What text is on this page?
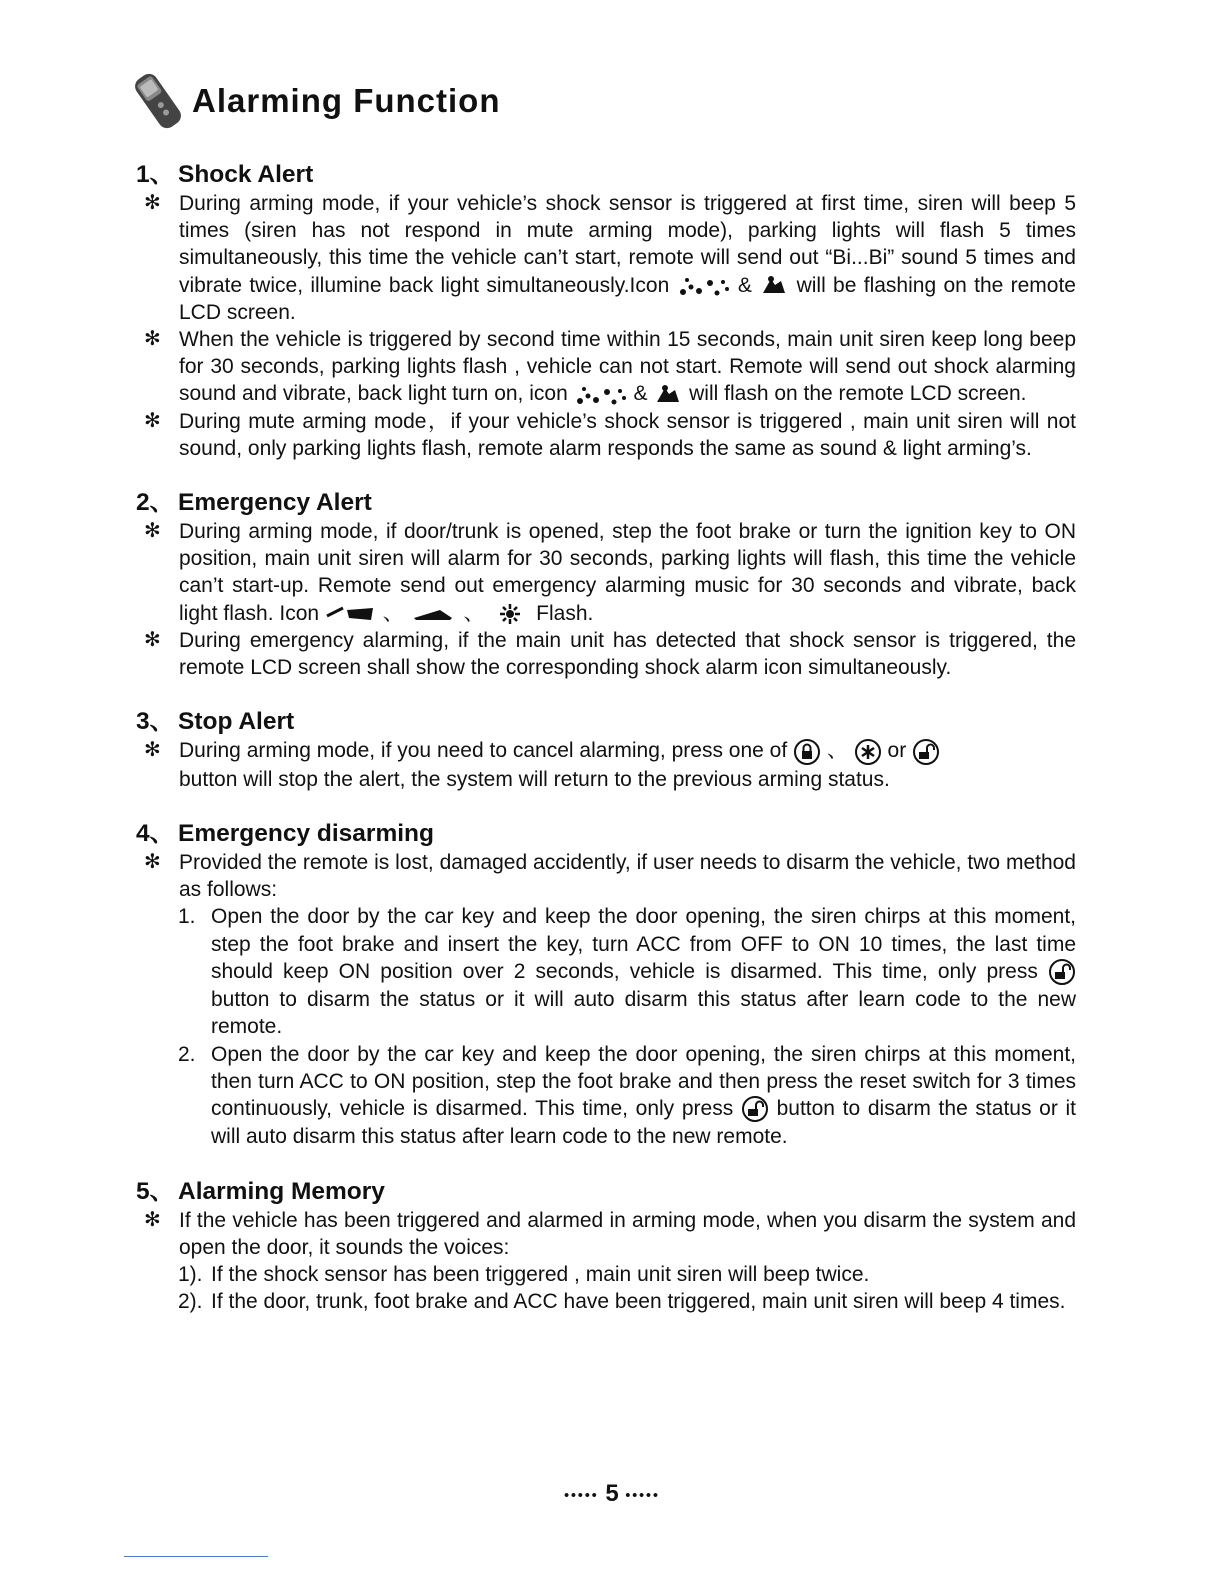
Alarming Function
1、 Shock Alert
✻ During arming mode, if your vehicle’s shock sensor is triggered at first time, siren will beep 5 times (siren has not respond in mute arming mode), parking lights will flash 5 times simultaneously, this time the vehicle can’t start, remote will send out “Bi...Bi” sound 5 times and vibrate twice, illumine back light simultaneously.Icon	& will be flashing on the remote LCD screen.
✻ When the vehicle is triggered by second time within 15 seconds, main unit siren keep long beep for 30 seconds, parking lights flash , vehicle can not start. Remote will send out shock alarming sound and vibrate, back light turn on, icon	& will flash on the remote LCD screen.
✻ During mute arming mode，if your vehicle’s shock sensor is triggered , main unit siren will not sound, only parking lights flash, remote alarm responds the same as sound & light arming’s.
2、 Emergency Alert
✻ During arming mode, if door/trunk is opened, step the foot brake or turn the ignition key to ON position, main unit siren will alarm for 30 seconds, parking lights will flash, this time the vehicle can’t start-up. Remote send out emergency alarming music for 30 seconds and vibrate, back light flash. Icon	、	、 Flash.
✻ During emergency alarming, if the main unit has detected that shock sensor is triggered, the remote LCD screen shall show the corresponding shock alarm icon simultaneously.
3、 Stop Alert
✻ During arming mode, if you need to cancel alarming, press one of 、 or
button will stop the alert, the system will return to the previous arming status.
4、 Emergency disarming
✻ Provided the remote is lost, damaged accidently, if user needs to disarm the vehicle, two method as follows:
1. Open the door by the car key and keep the door opening, the siren chirps at this moment, step the foot brake and insert the key, turn ACC from OFF to ON 10 times, the last time should keep ON position over 2 seconds, vehicle is disarmed. This time, only press  button to disarm the status or it will auto disarm this status after learn code to the new remote.
2. Open the door by the car key and keep the door opening, the siren chirps at this moment, then turn ACC to ON position, step the foot brake and then press the reset switch for 3 times continuously, vehicle is disarmed. This time, only press button to disarm the status or it will auto disarm this status after learn code to the new remote.
5、 Alarming Memory
✻ If the vehicle has been triggered and alarmed in arming mode, when you disarm the system and open the door, it sounds the voices:
1). If the shock sensor has been triggered , main unit siren will beep twice.
2). If the door, trunk, foot brake and ACC have been triggered, main unit siren will beep 4 times.
••••• 5 •••••
